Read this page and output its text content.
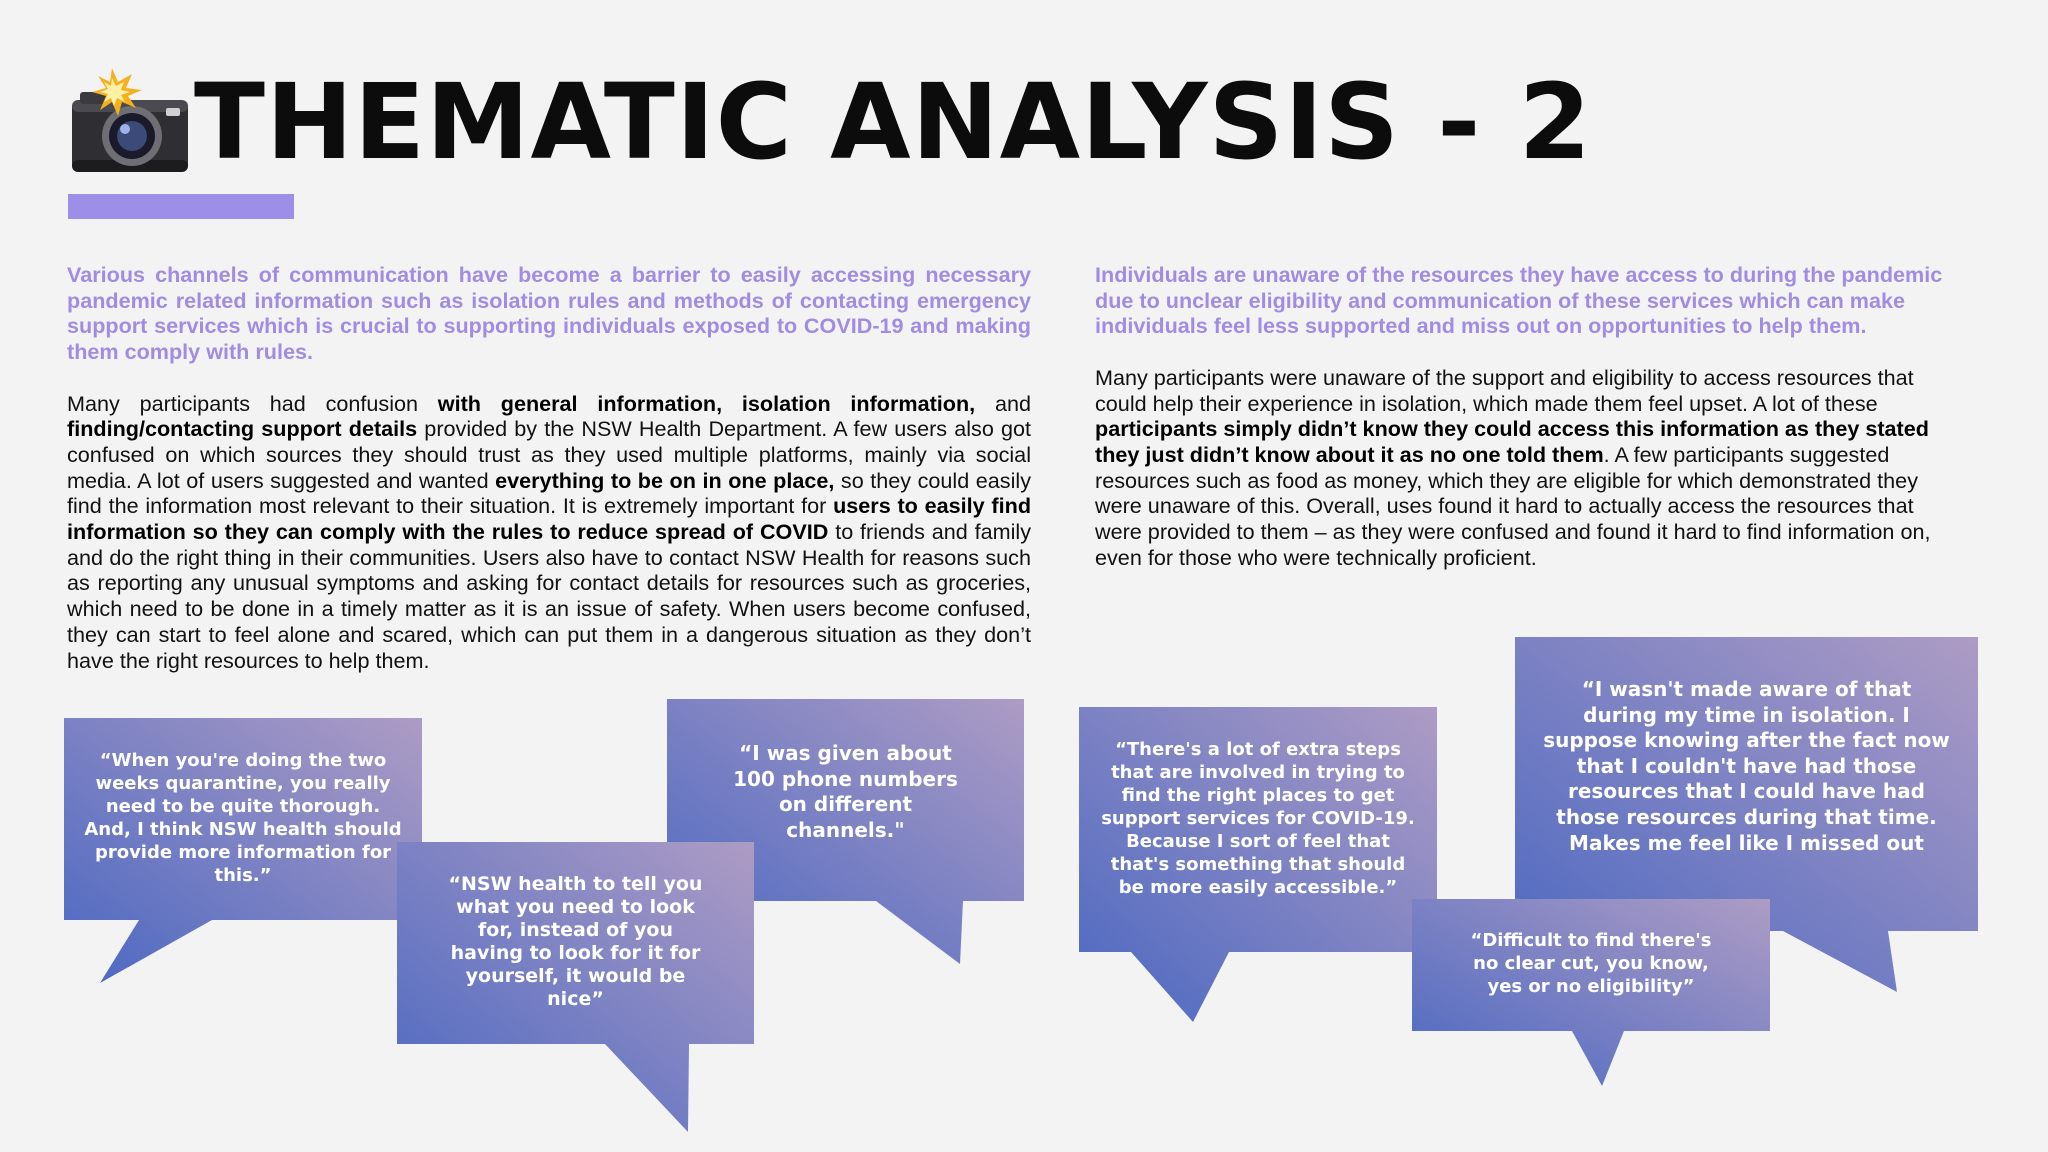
THEMATIC ANALYSIS - 2

Various channels of communication have become a barrier to easily accessing necessary pandemic related information such as isolation rules and methods of contacting emergency support services which is crucial to supporting individuals exposed to COVID-19 and making them comply with rules.

Many participants had confusion with general information, isolation information, and finding/contacting support details provided by the NSW Health Department. A few users also got confused on which sources they should trust as they used multiple platforms, mainly via social media. A lot of users suggested and wanted everything to be on in one place, so they could easily find the information most relevant to their situation. It is extremely important for users to easily find information so they can comply with the rules to reduce spread of COVID to friends and family and do the right thing in their communities. Users also have to contact NSW Health for reasons such as reporting any unusual symptoms and asking for contact details for resources such as groceries, which need to be done in a timely matter as it is an issue of safety. When users become confused, they can start to feel alone and scared, which can put them in a dangerous situation as they don’t have the right resources to help them.

Individuals are unaware of the resources they have access to during the pandemic due to unclear eligibility and communication of these services which can make individuals feel less supported and miss out on opportunities to help them.

Many participants were unaware of the support and eligibility to access resources that could help their experience in isolation, which made them feel upset. A lot of these participants simply didn’t know they could access this information as they stated they just didn’t know about it as no one told them. A few participants suggested resources such as food as money, which they are eligible for which demonstrated they were unaware of this. Overall, uses found it hard to actually access the resources that were provided to them – as they were confused and found it hard to find information on, even for those who were technically proficient.

“When you're doing the two weeks quarantine, you really need to be quite thorough. And, I think NSW health should provide more information for this.”
“I was given about 100 phone numbers on different channels."
“NSW health to tell you what you need to look for, instead of you having to look for it for yourself, it would be nice”
“There's a lot of extra steps that are involved in trying to find the right places to get support services for COVID-19. Because I sort of feel that that's something that should be more easily accessible.”
“I wasn't made aware of that during my time in isolation. I suppose knowing after the fact now that I couldn't have had those resources that I could have had those resources during that time. Makes me feel like I missed out
“Difficult to find there's no clear cut, you know, yes or no eligibility”
